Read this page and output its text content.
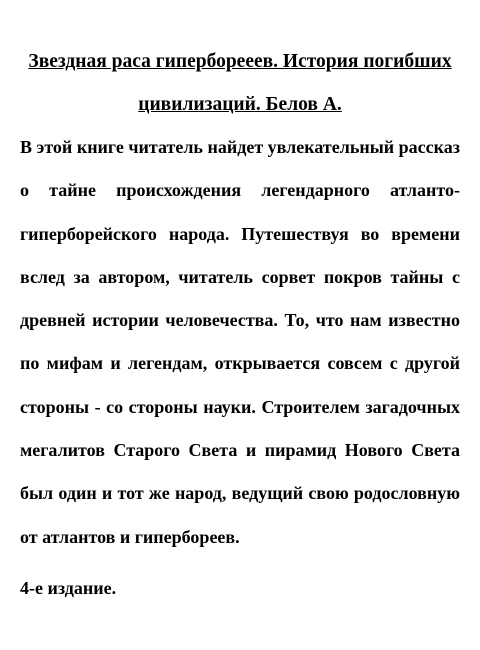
Звездная раса гиперборееев. История погибших цивилизаций. Белов А.

В этой книге читатель найдет увлекательный рассказ о тайне происхождения легендарного атланто-гиперборейского народа. Путешествуя во времени вслед за автором, читатель сорвет покров тайны с древней истории человечества. То, что нам известно по мифам и легендам, открывается совсем с другой стороны - со стороны науки. Строителем загадочных мегалитов Старого Света и пирамид Нового Света был один и тот же народ, ведущий свою родословную от атлантов и гипербореев.

4-е издание.
